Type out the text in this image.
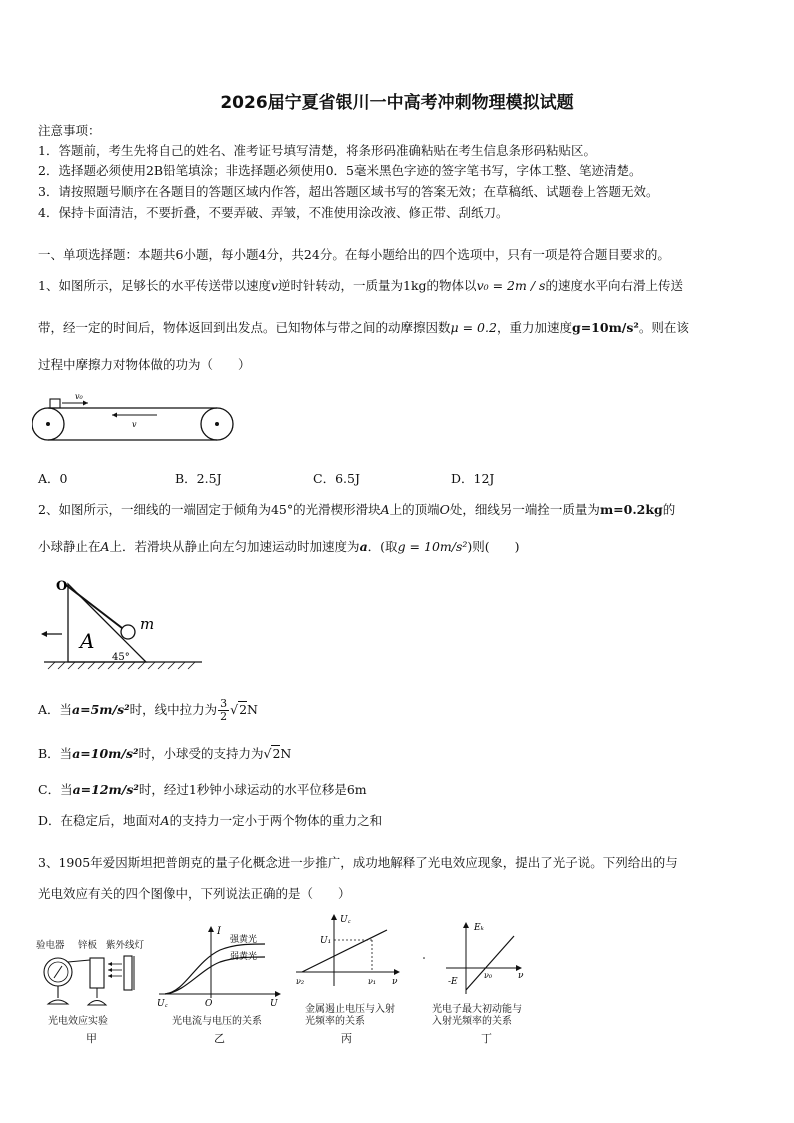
2026届宁夏省银川一中高考冲刺物理模拟试题
注意事项：
1．答题前，考生先将自己的姓名、准考证号填写清楚，将条形码准确粘贴在考生信息条形码粘贴区。
2．选择题必须使用2B铅笔填涂；非选择题必须使用0．5毫米黑色字迹的签字笔书写，字体工整、笔迹清楚。
3．请按照题号顺序在各题目的答题区域内作答，超出答题区域书写的答案无效；在草稿纸、试题卷上答题无效。
4．保持卡面清洁，不要折叠，不要弄破、弄皱，不准使用涂改液、修正带、刮纸刀。
一、单项选择题：本题共6小题，每小题4分，共24分。在每小题给出的四个选项中，只有一项是符合题目要求的。
1、如图所示，足够长的水平传送带以速度v逆时针转动，一质量为1kg的物体以v₀ = 2m / s的速度水平向右滑上传送
带，经一定的时间后，物体返回到出发点。已知物体与带之间的动摩擦因数μ = 0.2，重力加速度g=10m/s²。则在该
过程中摩擦力对物体做的功为（　　）
v₀
v
A．0	B．2.5J	C．6.5J	D．12J
2、如图所示，一细线的一端固定于倾角为45°的光滑楔形滑块A上的顶端O处，细线另一端拴一质量为m=0.2kg的
小球静止在A上．若滑块从静止向左匀加速运动时加速度为a．(取g = 10m/s²)则(　　)
O
m
A
45°
A．当a=5m/s²时，线中拉力为 $\frac{3}{2} √2N$
B．当a=10m/s²时，小球受的支持力为√2N
C．当a=12m/s²时，经过1秒钟小球运动的水平位移是6m
D．在稳定后，地面对A的支持力一定小于两个物体的重力之和
3、1905年爱因斯坦把普朗克的量子化概念进一步推广，成功地解释了光电效应现象，提出了光子说。下列给出的与
光电效应有关的四个图像中，下列说法正确的是（　　）
验电器 锌板 紫外线灯
光电效应实验
甲
I
强黄光
弱黄光
U꜀	O	U
光电流与电压的关系
乙
U꜀
U₁
ν₂	ν₁ ν
金属遏止电压与入射
光频率的关系
丙
Eₖ
-E
ν₀	ν
光电子最大初动能与
入射光频率的关系
丁
